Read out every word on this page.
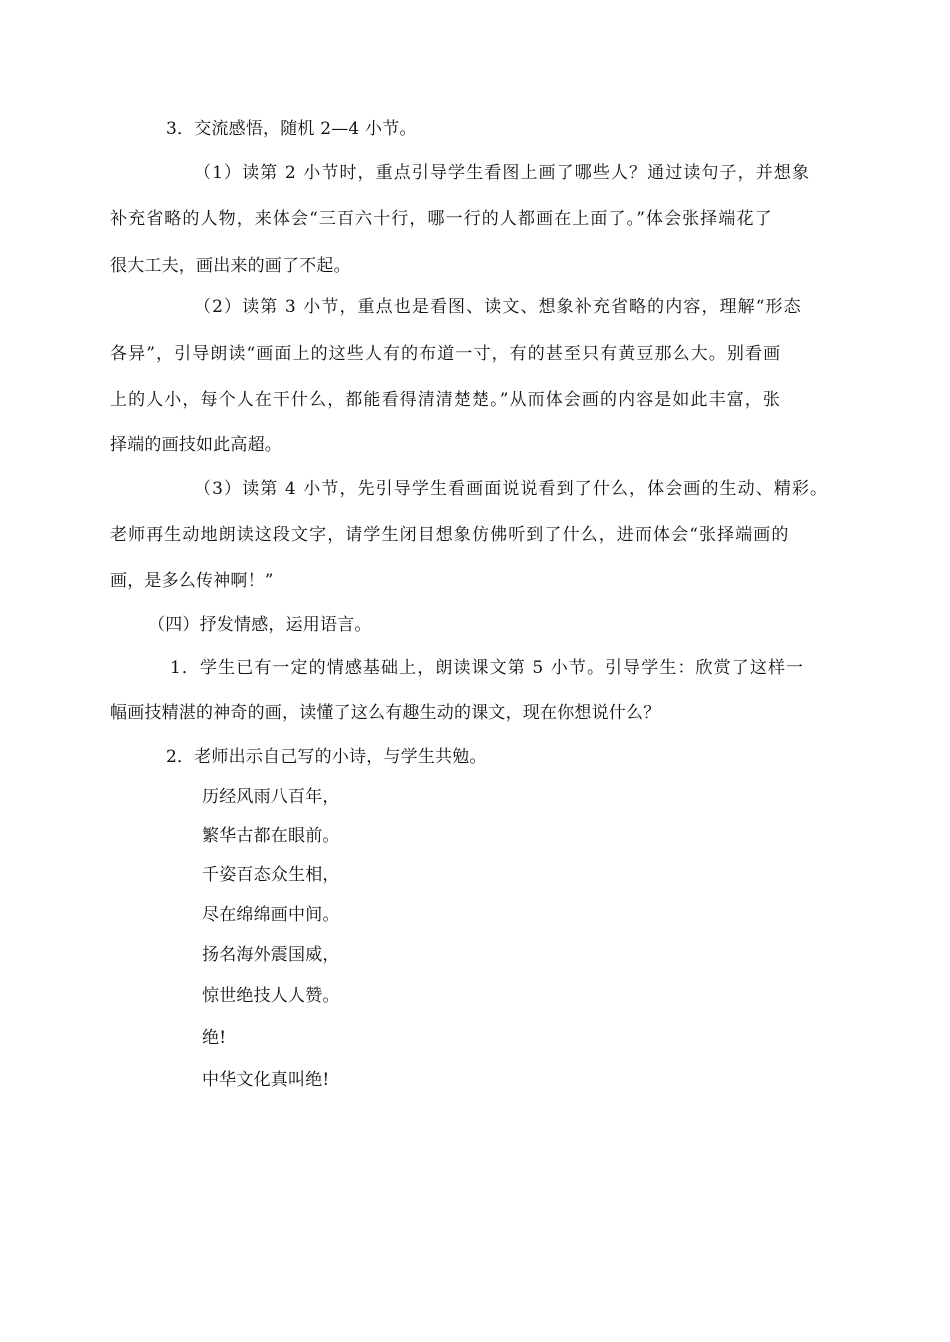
3．交流感悟，随机 2—4 小节。
（1）读第 2 小节时，重点引导学生看图上画了哪些人？通过读句子，并想象
补充省略的人物，来体会“三百六十行，哪一行的人都画在上面了。”体会张择端花了
很大工夫，画出来的画了不起。
（2）读第 3 小节，重点也是看图、读文、想象补充省略的内容，理解“形态
各异”，引导朗读“画面上的这些人有的布道一寸，有的甚至只有黄豆那么大。别看画
上的人小，每个人在干什么，都能看得清清楚楚。”从而体会画的内容是如此丰富，张
择端的画技如此高超。
（3）读第 4 小节，先引导学生看画面说说看到了什么，体会画的生动、精彩。
老师再生动地朗读这段文字，请学生闭目想象仿佛听到了什么，进而体会“张择端画的
画，是多么传神啊！”
（四）抒发情感，运用语言。
1．学生已有一定的情感基础上，朗读课文第 5 小节。引导学生：欣赏了这样一
幅画技精湛的神奇的画，读懂了这么有趣生动的课文，现在你想说什么？
2．老师出示自己写的小诗，与学生共勉。
历经风雨八百年，
繁华古都在眼前。
千姿百态众生相，
尽在绵绵画中间。
扬名海外震国威，
惊世绝技人人赞。
绝!
中华文化真叫绝!
